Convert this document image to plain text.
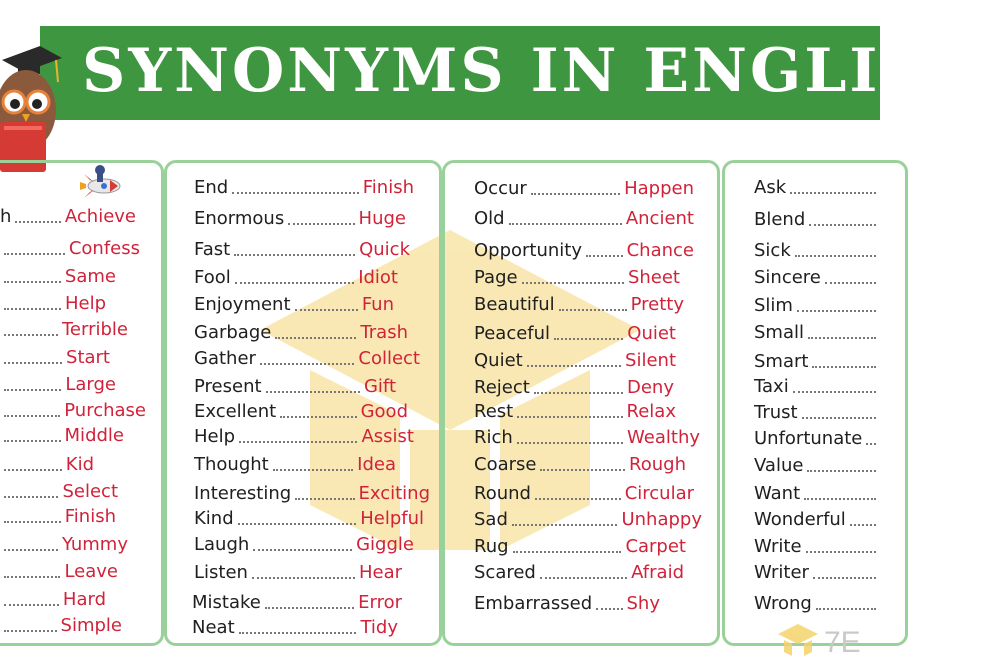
SYNONYMS IN ENGLISH
h	Achieve
Confess
Same
Help
Terrible
Start
Large
Purchase
Middle
Kid
Select
Finish
Yummy
Leave
Hard
Simple
End	Finish
Enormous	Huge
Fast	Quick
Fool	Idiot
Enjoyment	Fun
Garbage	Trash
Gather	Collect
Present	Gift
Excellent	Good
Help	Assist
Thought	Idea
Interesting	Exciting
Kind	Helpful
Laugh	Giggle
Listen	Hear
Mistake	Error
Neat	Tidy
Occur	Happen
Old	Ancient
Opportunity Chance
Page	Sheet
Beautiful	Pretty
Peaceful	Quiet
Quiet	Silent
Reject	Deny
Rest	Relax
Rich	Wealthy
Coarse	Rough
Round	Circular
Sad	Unhappy
Rug	Carpet
Scared	Afraid
Embarrassed Shy
Ask
Blend
Sick
Sincere
Slim
Small
Smart
Taxi
Trust
Unfortunate
Value
Want
Wonderful
Write
Writer
Wrong
7E
